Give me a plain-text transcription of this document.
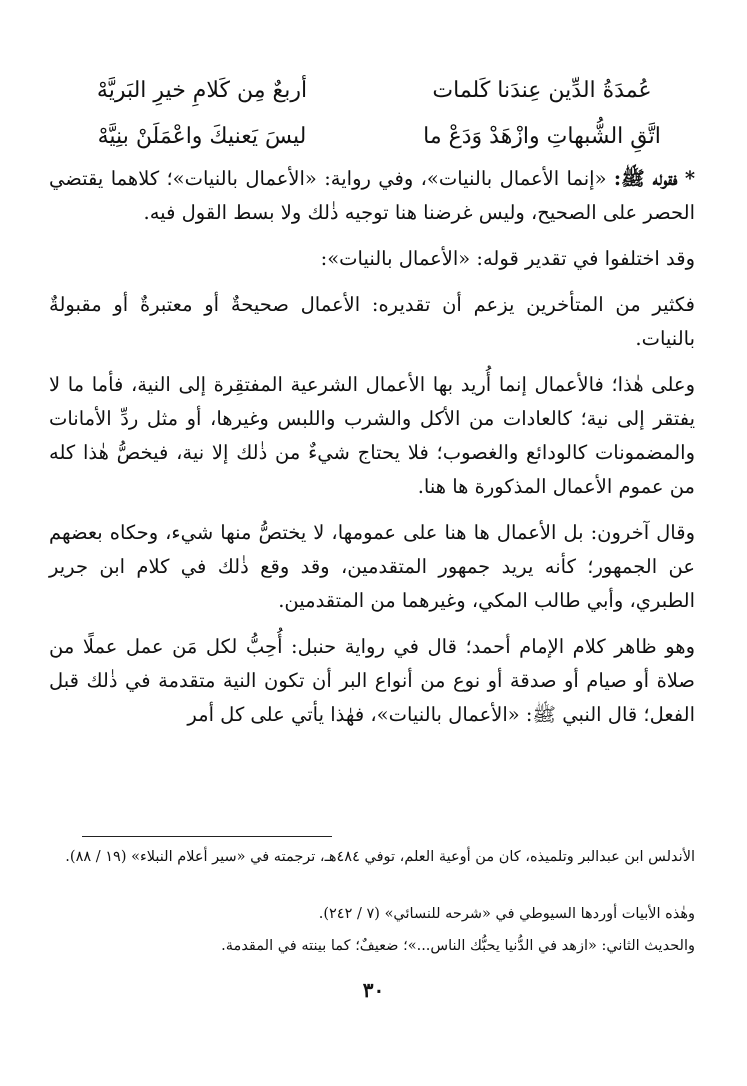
عُمدَةُ الدِّين عِندَنا كَلمات
أربعٌ مِن كَلامِ خيرِ البَريَّهْ
اتَّقِ الشُّبهاتِ وازْهَدْ وَدَعْ ما
ليسَ يَعنيكَ واعْمَلَنْ بنِيَّهْ

* فقوله ﷺ: «إنما الأعمال بالنيات»، وفي رواية: «الأعمال بالنيات»؛ كلاهما يقتضي الحصر على الصحيح، وليس غرضنا هنا توجيه ذٰلك ولا بسط القول فيه.

وقد اختلفوا في تقدير قوله: «الأعمال بالنيات»:

فكثير من المتأخرين يزعم أن تقديره: الأعمال صحيحةٌ أو معتبرةٌ أو مقبولةٌ بالنيات.

وعلى هٰذا؛ فالأعمال إنما أُريد بها الأعمال الشرعية المفتقِرة إلى النية، فأما ما لا يفتقر إلى نية؛ كالعادات من الأكل والشرب واللبس وغيرها، أو مثل ردِّ الأمانات والمضمونات كالودائع والغصوب؛ فلا يحتاج شيءٌ من ذٰلك إلا نية، فيخصُّ هٰذا كله من عموم الأعمال المذكورة ها هنا.

وقال آخرون: بل الأعمال ها هنا على عمومها، لا يختصُّ منها شيء، وحكاه بعضهم عن الجمهور؛ كأنه يريد جمهور المتقدمين، وقد وقع ذٰلك في كلام ابن جرير الطبري، وأبي طالب المكي، وغيرهما من المتقدمين.

وهو ظاهر كلام الإمام أحمد؛ قال في رواية حنبل: أُحِبُّ لكل مَن عمل عملًا من صلاة أو صيام أو صدقة أو نوع من أنواع البر أن تكون النية متقدمة في ذٰلك قبل الفعل؛ قال النبي ﷺ: «الأعمال بالنيات»، فهٰذا يأتي على كل أمر

الأندلس ابن عبدالبر وتلميذه، كان من أوعية العلم، توفي ٤٨٤هـ، ترجمته في «سير أعلام النبلاء» (١٩ / ٨٨).

وهٰذه الأبيات أوردها السيوطي في «شرحه للنسائي» (٧ / ٢٤٢).

والحديث الثاني: «ازهد في الدُّنيا يحبُّك الناس...»؛ ضعيفٌ؛ كما بينته في المقدمة.

٣٠
